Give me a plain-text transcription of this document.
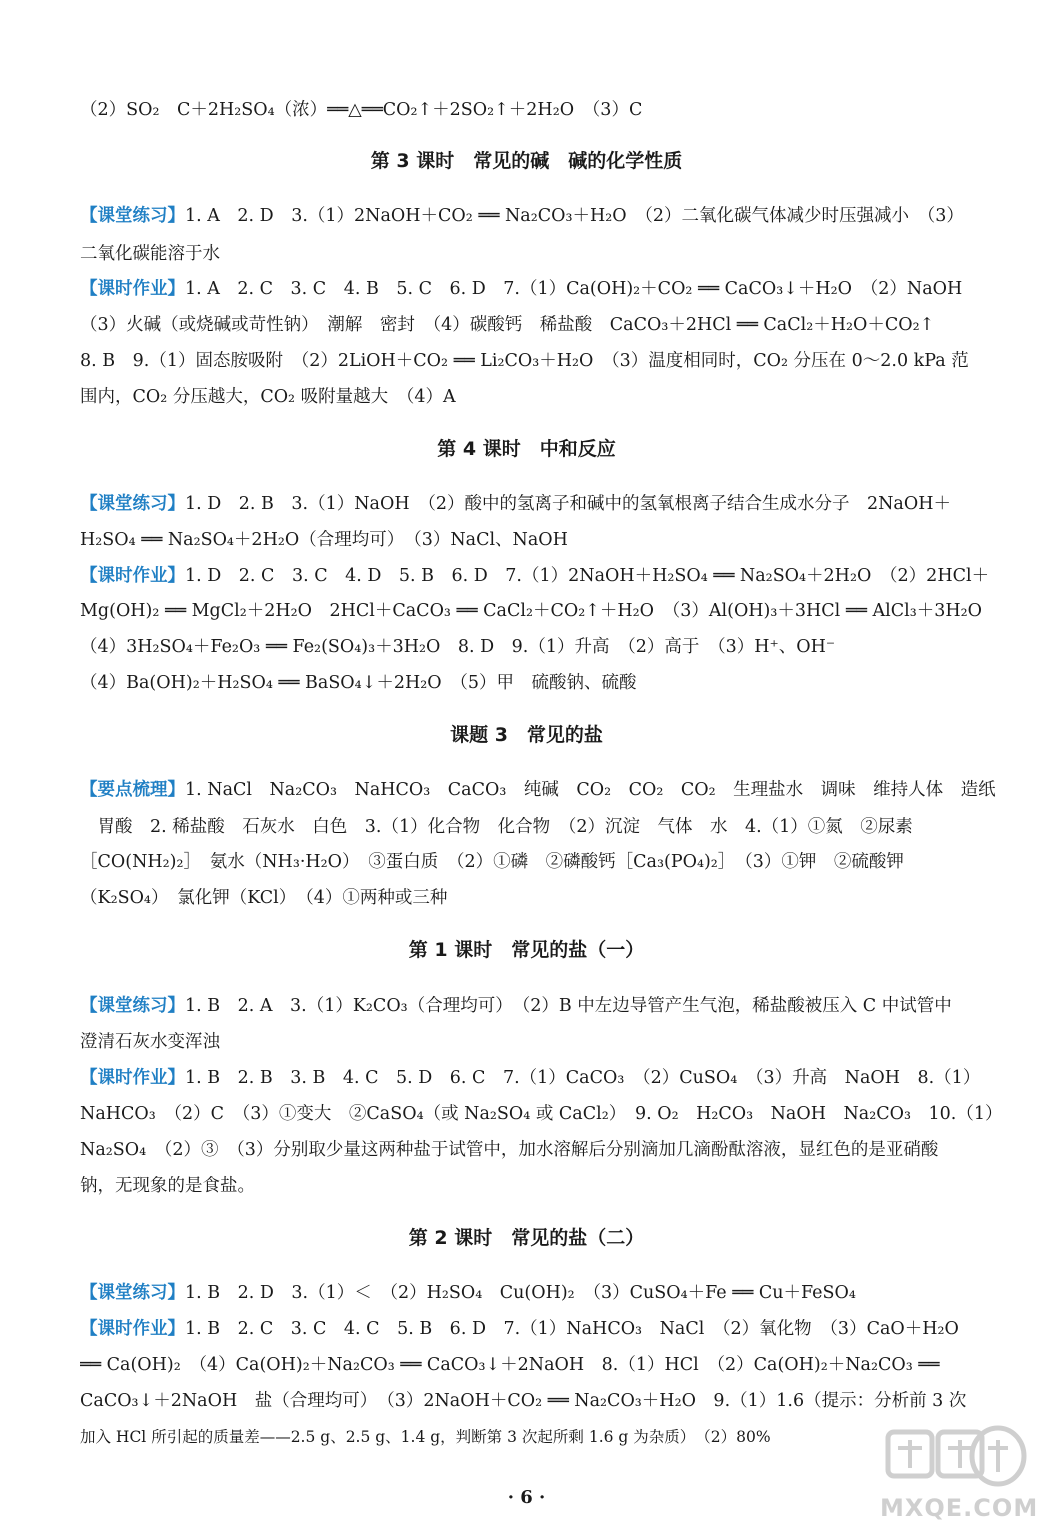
（2）SO₂　C＋2H₂SO₄（浓）══△══CO₂↑＋2SO₂↑＋2H₂O　（3）C
第 3 课时　常见的碱　碱的化学性质
【课堂练习】1. A　2. D　3.（1）2NaOH＋CO₂ ══ Na₂CO₃＋H₂O　（2）二氧化碳气体减少时压强减小　（3）
二氧化碳能溶于水
【课时作业】1. A　2. C　3. C　4. B　5. C　6. D　7.（1）Ca(OH)₂＋CO₂ ══ CaCO₃↓＋H₂O　（2）NaOH
（3）火碱（或烧碱或苛性钠）　潮解　密封　（4）碳酸钙　稀盐酸　CaCO₃＋2HCl ══ CaCl₂＋H₂O＋CO₂↑
8. B　9.（1）固态胺吸附　（2）2LiOH＋CO₂ ══ Li₂CO₃＋H₂O　（3）温度相同时，CO₂ 分压在 0～2.0 kPa 范
围内，CO₂ 分压越大，CO₂ 吸附量越大　（4）A
第 4 课时　中和反应
【课堂练习】1. D　2. B　3.（1）NaOH　（2）酸中的氢离子和碱中的氢氧根离子结合生成水分子　2NaOH＋
H₂SO₄ ══ Na₂SO₄＋2H₂O（合理均可）　（3）NaCl、NaOH
【课时作业】1. D　2. C　3. C　4. D　5. B　6. D　7.（1）2NaOH＋H₂SO₄ ══ Na₂SO₄＋2H₂O　（2）2HCl＋
Mg(OH)₂ ══ MgCl₂＋2H₂O　2HCl＋CaCO₃ ══ CaCl₂＋CO₂↑＋H₂O　（3）Al(OH)₃＋3HCl ══ AlCl₃＋3H₂O
（4）3H₂SO₄＋Fe₂O₃ ══ Fe₂(SO₄)₃＋3H₂O　8. D　9.（1）升高　（2）高于　（3）H⁺、OH⁻
（4）Ba(OH)₂＋H₂SO₄ ══ BaSO₄↓＋2H₂O　（5）甲　硫酸钠、硫酸
课题 3　常见的盐
【要点梳理】1. NaCl　Na₂CO₃　NaHCO₃　CaCO₃　纯碱　CO₂　CO₂　CO₂　生理盐水　调味　维持人体　造纸
　胃酸　2. 稀盐酸　石灰水　白色　3.（1）化合物　化合物　（2）沉淀　气体　水　4.（1）①氮　②尿素
［CO(NH₂)₂］　氨水（NH₃·H₂O）　③蛋白质　（2）①磷　②磷酸钙［Ca₃(PO₄)₂］　（3）①钾　②硫酸钾
（K₂SO₄）　氯化钾（KCl）　（4）①两种或三种
第 1 课时　常见的盐（一）
【课堂练习】1. B　2. A　3.（1）K₂CO₃（合理均可）　（2）B 中左边导管产生气泡，稀盐酸被压入 C 中试管中
澄清石灰水变浑浊
【课时作业】1. B　2. B　3. B　4. C　5. D　6. C　7.（1）CaCO₃　（2）CuSO₄　（3）升高　NaOH　8.（1）
NaHCO₃　（2）C　（3）①变大　②CaSO₄（或 Na₂SO₄ 或 CaCl₂）　9. O₂　H₂CO₃　NaOH　Na₂CO₃　10.（1）
Na₂SO₄　（2）③　（3）分别取少量这两种盐于试管中，加水溶解后分别滴加几滴酚酞溶液，显红色的是亚硝酸
钠，无现象的是食盐。
第 2 课时　常见的盐（二）
【课堂练习】1. B　2. D　3.（1）＜　（2）H₂SO₄　Cu(OH)₂　（3）CuSO₄＋Fe ══ Cu＋FeSO₄
【课时作业】1. B　2. C　3. C　4. C　5. B　6. D　7.（1）NaHCO₃　NaCl　（2）氧化物　（3）CaO＋H₂O
══ Ca(OH)₂　（4）Ca(OH)₂＋Na₂CO₃ ══ CaCO₃↓＋2NaOH　8.（1）HCl　（2）Ca(OH)₂＋Na₂CO₃ ══
CaCO₃↓＋2NaOH　盐（合理均可）　（3）2NaOH＋CO₂ ══ Na₂CO₃＋H₂O　9.（1）1.6（提示：分析前 3 次
加入 HCl 所引起的质量差——2.5 g、2.5 g、1.4 g，判断第 3 次起所剩 1.6 g 为杂质）　（2）80%
· 6 ·	MXQE.COM
